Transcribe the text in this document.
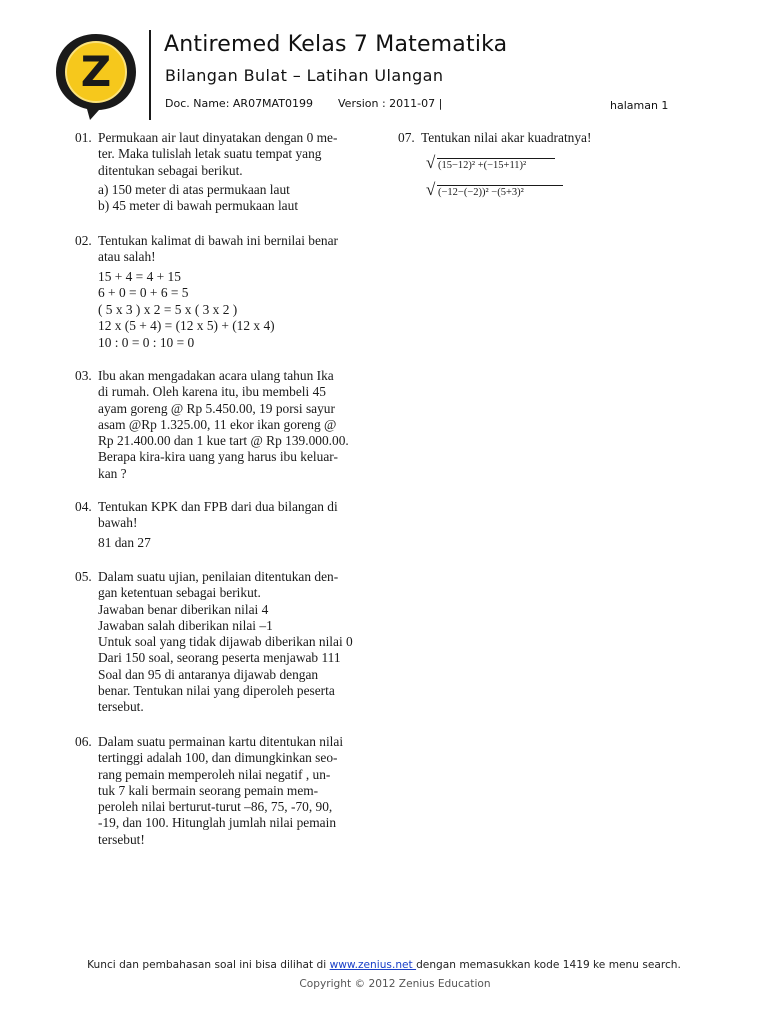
Z
Antiremed Kelas 7 Matematika
Bilangan Bulat – Latihan Ulangan
Doc. Name: AR07MAT0199 Version : 2011-07 |	halaman 1
01. Permukaan air laut dinyatakan dengan 0 me-
ter. Maka tulislah letak suatu tempat yang
ditentukan sebagai berikut.
a) 150 meter di atas permukaan laut
b) 45 meter di bawah permukaan laut
02. Tentukan kalimat di bawah ini bernilai benar
atau salah!
15 + 4 = 4 + 15
6 + 0 = 0 + 6 = 5
( 5 x 3 ) x 2 = 5 x ( 3 x 2 )
12 x (5 + 4) = (12 x 5) + (12 x 4)
10 : 0 = 0 : 10 = 0
03. Ibu akan mengadakan acara ulang tahun Ika
di rumah. Oleh karena itu, ibu membeli 45
ayam goreng @ Rp 5.450.00, 19 porsi sayur
asam @Rp 1.325.00, 11 ekor ikan goreng @
Rp 21.400.00 dan 1 kue tart @ Rp 139.000.00.
Berapa kira-kira uang yang harus ibu keluar-
kan ?
04. Tentukan KPK dan FPB dari dua bilangan di
bawah!
81 dan 27
05. Dalam suatu ujian, penilaian ditentukan den-
gan ketentuan sebagai berikut.
Jawaban benar diberikan nilai 4
Jawaban salah diberikan nilai –1
Untuk soal yang tidak dijawab diberikan nilai 0
Dari 150 soal, seorang peserta menjawab 111
Soal dan 95 di antaranya dijawab dengan
benar. Tentukan nilai yang diperoleh peserta
tersebut.
06. Dalam suatu permainan kartu ditentukan nilai
tertinggi adalah 100, dan dimungkinkan seo-
rang pemain memperoleh nilai negatif , un-
tuk 7 kali bermain seorang pemain mem-
peroleh nilai berturut-turut –86, 75, -70, 90,
-19, dan 100. Hitunglah jumlah nilai pemain
tersebut!
07. Tentukan nilai akar kuadratnya!
√ (15−12)² +(−15+11)²
√ (−12−(−2))² −(5+3)²
Kunci dan pembahasan soal ini bisa dilihat di www.zenius.net dengan memasukkan kode 1419 ke menu search.
Copyright © 2012 Zenius Education
